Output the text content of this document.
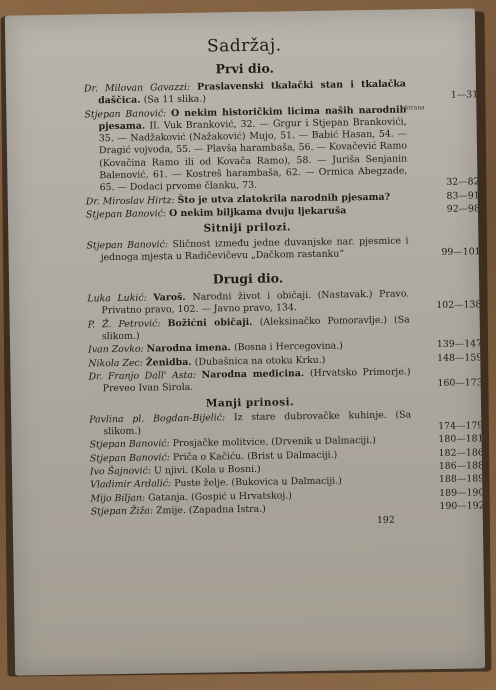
Strana
Sadržaj.
Prvi dio.
Dr. Milovan Gavazzi: Praslavenski tkalački stan i tkalačka daščica. (Sa 11 slika.)	1—31
Stjepan Banović: O nekim historičkim licima naših narodnih pjesama. II. Vuk Branković, 32. — Grgur i Stjepan Brankovići, 35. — Nadžaković (Nažaković) Mujo, 51. — Babić Hasan, 54. — Dragić vojvoda, 55. — Plavša harambaša, 56. — Kovačević Ramo (Kovačina Ramo ili od Kovača Ramo), 58. — Juriša Senjanin Balenović, 61. — Kostreš harambaša, 62. — Ormica Abegzade, 65. — Dodaci prvome članku, 73.	32—82
Dr. Miroslav Hirtz: Što je utva zlatokrila narodnih pjesama?	83—91
Stjepan Banović: O nekim biljkama dvuju ljekaruša	92—98
Sitniji prilozi.
Stjepan Banović: Sličnost između jedne duvanjske nar. pjesmice i jednoga mjesta u Radičevičevu „Dačkom rastanku“	99—101
Drugi dio.
Luka Lukić: Varoš. Narodni život i običaji. (Nastavak.) Pravo. Privatno pravo, 102. — Javno pravo, 134.	102—138
P. Ž. Petrović: Božićni običaji. (Aleksinačko Pomoravlje.) (Sa slikom.)
Ivan Zovko: Narodna imena. (Bosna i Hercegovina.)	139—147
Nikola Zec: Ženidba. (Dubašnica na otoku Krku.)	148—159
Dr. Franjo Dall' Asta: Narodna medicina. (Hrvatsko Primorje.) Preveo Ivan Sirola.	160—173
Manji prinosi.
Pavlina pl. Bogdan-Bijelić: Iz stare dubrovačke kuhinje. (Sa slikom.)	174—179
Stjepan Banović: Prosjačke molitvice. (Drvenik u Dalmaciji.)	180—181
Stjepan Banović: Priča o Kačiću. (Brist u Dalmaciji.)	182—186
Ivo Šajnović: U njivi. (Kola u Bosni.)	186—188
Vladimir Ardalić: Puste želje. (Bukovica u Dalmaciji.)	188—189
Mijo Biljan: Gatanja. (Gospić u Hrvatskoj.)	189—190
Stjepan Žiža: Zmije. (Zapadna Istra.)	190—192
192
